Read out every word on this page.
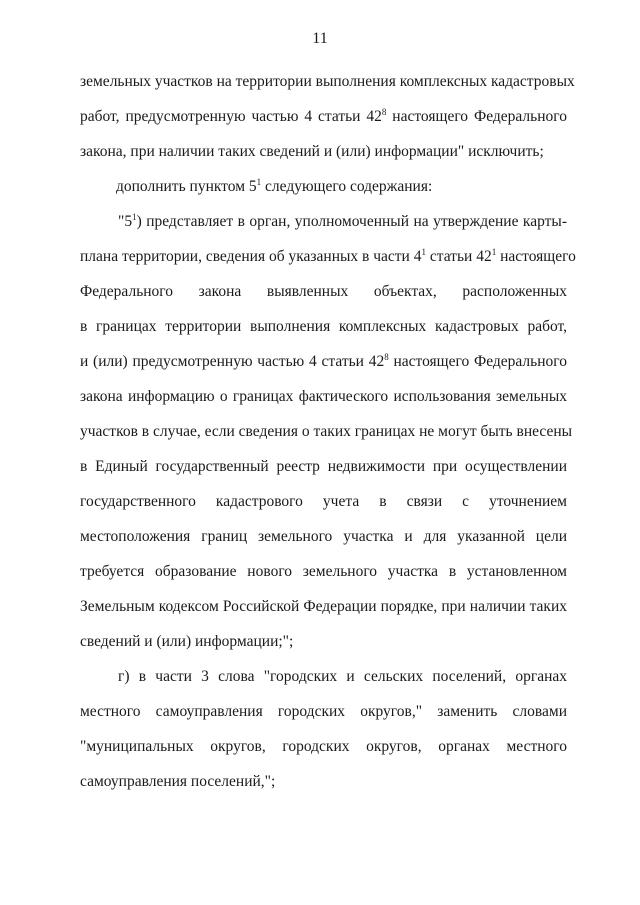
11
земельных участков на территории выполнения комплексных кадастровых
работ, предусмотренную частью 4 статьи $42^8$ настоящего Федерального
закона, при наличии таких сведений и (или) информации" исключить;
дополнить пунктом $5^1$ следующего содержания:
"$5^1$) представляет в орган, уполномоченный на утверждение карты-
плана территории, сведения об указанных в части $4^1$ статьи $42^1$ настоящего
Федерального закона выявленных объектах, расположенных
в границах территории выполнения комплексных кадастровых работ,
и (или) предусмотренную частью 4 статьи $42^8$ настоящего Федерального
закона информацию о границах фактического использования земельных
участков в случае, если сведения о таких границах не могут быть внесены
в Единый государственный реестр недвижимости при осуществлении
государственного кадастрового учета в связи с уточнением
местоположения границ земельного участка и для указанной цели
требуется образование нового земельного участка в установленном
Земельным кодексом Российской Федерации порядке, при наличии таких
сведений и (или) информации;";
г) в части 3 слова "городских и сельских поселений, органах
местного самоуправления городских округов," заменить словами
"муниципальных округов, городских округов, органах местного
самоуправления поселений,";
